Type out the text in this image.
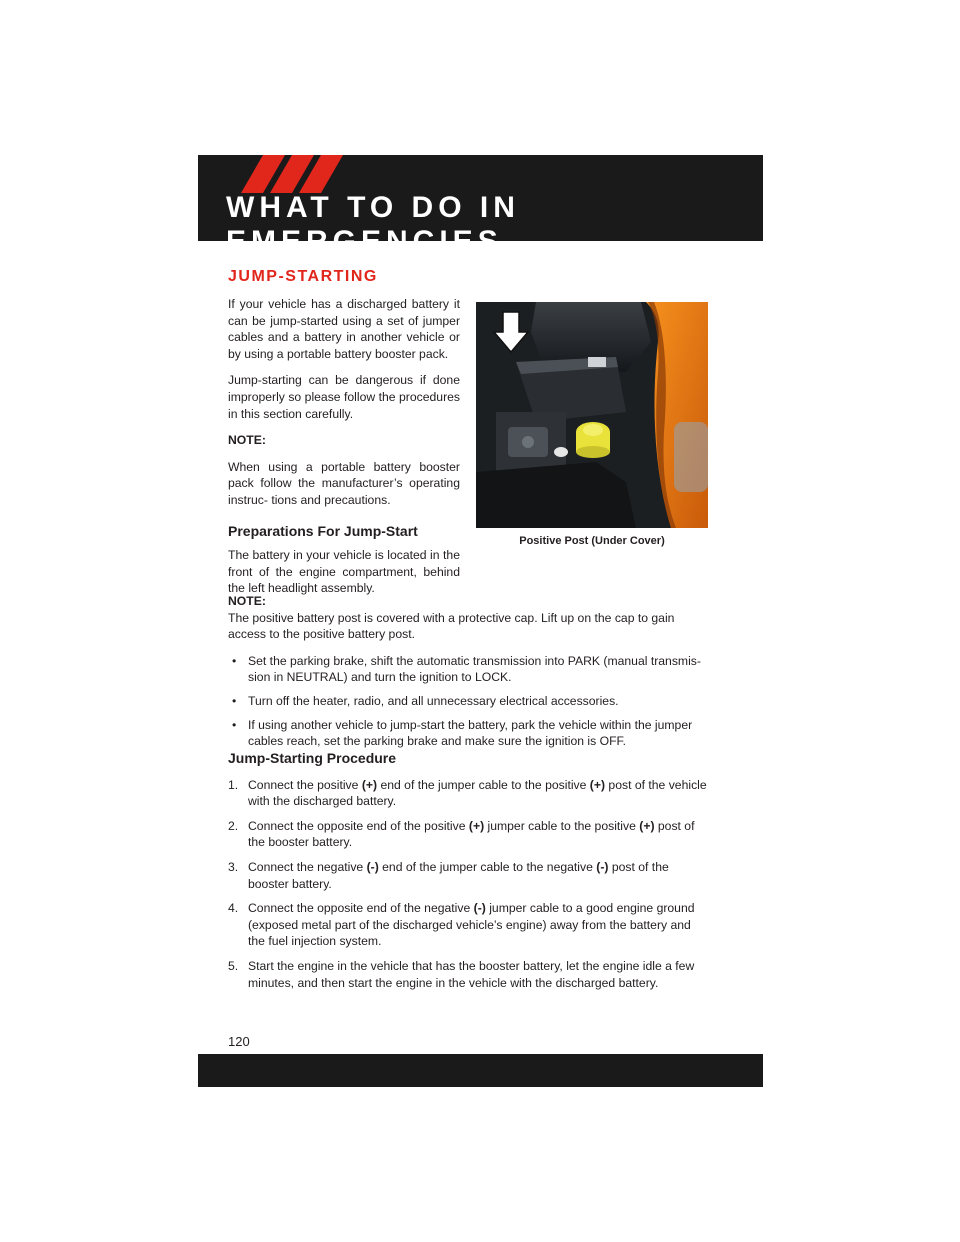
WHAT TO DO IN EMERGENCIES
JUMP-STARTING

If your vehicle has a discharged battery it can be jump-started using a set of jumper cables and a battery in another vehicle or by using a portable battery booster pack.

Jump-starting can be dangerous if done improperly so please follow the procedures in this section carefully.

NOTE:

When using a portable battery booster pack follow the manufacturer’s operating instruc- tions and precautions.

Preparations For Jump-Start

The battery in your vehicle is located in the front of the engine compartment, behind the left headlight assembly.

Positive Post (Under Cover)

NOTE:

The positive battery post is covered with a protective cap. Lift up on the cap to gain access to the positive battery post.

• Set the parking brake, shift the automatic transmission into PARK (manual transmis- sion in NEUTRAL) and turn the ignition to LOCK.
• Turn off the heater, radio, and all unnecessary electrical accessories.
• If using another vehicle to jump-start the battery, park the vehicle within the jumper cables reach, set the parking brake and make sure the ignition is OFF.

Jump-Starting Procedure

1. Connect the positive (+) end of the jumper cable to the positive (+) post of the vehicle with the discharged battery.
2. Connect the opposite end of the positive (+) jumper cable to the positive (+) post of the booster battery.
3. Connect the negative (-) end of the jumper cable to the negative (-) post of the booster battery.
4. Connect the opposite end of the negative (-) jumper cable to a good engine ground (exposed metal part of the discharged vehicle’s engine) away from the battery and the fuel injection system.
5. Start the engine in the vehicle that has the booster battery, let the engine idle a few minutes, and then start the engine in the vehicle with the discharged battery.
120
